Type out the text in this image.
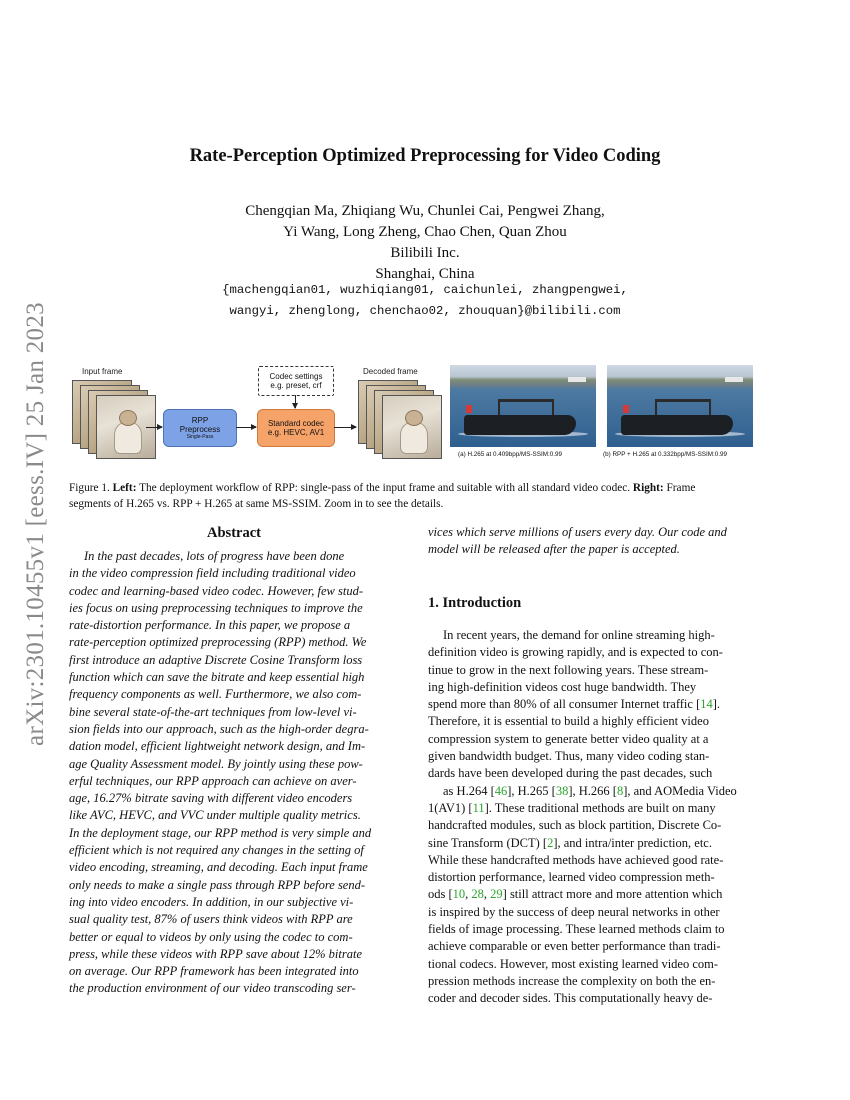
arXiv:2301.10455v1 [eess.IV] 25 Jan 2023
Rate-Perception Optimized Preprocessing for Video Coding
Chengqian Ma, Zhiqiang Wu, Chunlei Cai, Pengwei Zhang,
Yi Wang, Long Zheng, Chao Chen, Quan Zhou
Bilibili Inc.
Shanghai, China
{machengqian01, wuzhiqiang01, caichunlei, zhangpengwei,
wangyi, zhenglong, chenchao02, zhouquan}@bilibili.com
Input frame
RPP
Preprocess
Single-Pass
Codec settings
e.g. preset, crf
Standard codec
e.g. HEVC, AV1
Decoded frame
(a) H.265 at 0.409bpp/MS-SSIM:0.99	(b) RPP + H.265 at 0.332bpp/MS-SSIM:0.99
Figure 1. Left: The deployment workflow of RPP: single-pass of the input frame and suitable with all standard video codec. Right: Frame
segments of H.265 vs. RPP + H.265 at same MS-SSIM. Zoom in to see the details.
Abstract
In the past decades, lots of progress have been done
in the video compression field including traditional video
codec and learning-based video codec. However, few stud-
ies focus on using preprocessing techniques to improve the
rate-distortion performance. In this paper, we propose a
rate-perception optimized preprocessing (RPP) method. We
first introduce an adaptive Discrete Cosine Transform loss
function which can save the bitrate and keep essential high
frequency components as well. Furthermore, we also com-
bine several state-of-the-art techniques from low-level vi-
sion fields into our approach, such as the high-order degra-
dation model, efficient lightweight network design, and Im-
age Quality Assessment model. By jointly using these pow-
erful techniques, our RPP approach can achieve on aver-
age, 16.27% bitrate saving with different video encoders
like AVC, HEVC, and VVC under multiple quality metrics.
In the deployment stage, our RPP method is very simple and
efficient which is not required any changes in the setting of
video encoding, streaming, and decoding. Each input frame
only needs to make a single pass through RPP before send-
ing into video encoders. In addition, in our subjective vi-
sual quality test, 87% of users think videos with RPP are
better or equal to videos by only using the codec to com-
press, while these videos with RPP save about 12% bitrate
on average. Our RPP framework has been integrated into
the production environment of our video transcoding ser-
vices which serve millions of users every day. Our code and
model will be released after the paper is accepted.
1. Introduction
In recent years, the demand for online streaming high-
definition video is growing rapidly, and is expected to con-
tinue to grow in the next following years. These stream-
ing high-definition videos cost huge bandwidth. They
spend more than 80% of all consumer Internet traffic [14].
Therefore, it is essential to build a highly efficient video
compression system to generate better video quality at a
given bandwidth budget. Thus, many video coding stan-
dards have been developed during the past decades, such
as H.264 [46], H.265 [38], H.266 [8], and AOMedia Video
1(AV1) [11]. These traditional methods are built on many
handcrafted modules, such as block partition, Discrete Co-
sine Transform (DCT) [2], and intra/inter prediction, etc.
While these handcrafted methods have achieved good rate-
distortion performance, learned video compression meth-
ods [10, 28, 29] still attract more and more attention which
is inspired by the success of deep neural networks in other
fields of image processing. These learned methods claim to
achieve comparable or even better performance than tradi-
tional codecs. However, most existing learned video com-
pression methods increase the complexity on both the en-
coder and decoder sides. This computationally heavy de-
